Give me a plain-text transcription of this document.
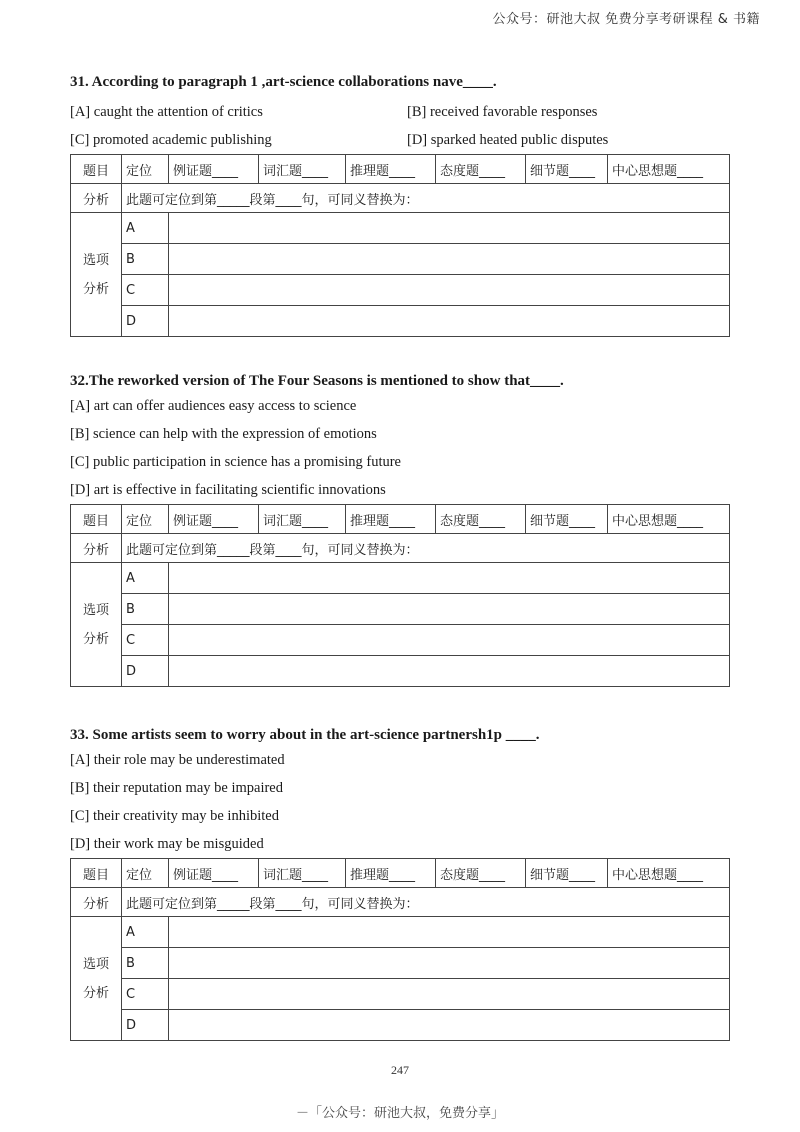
公众号：研池大叔 免费分享考研课程 & 书籍
31. According to paragraph 1 ,art-science collaborations nave____.
[A] caught the attention of critics	[B] received favorable responses
[C] promoted academic publishing	[D] sparked heated public disputes
题目	定位	例证题____	词汇题____	推理题____	态度题____	细节题____	中心思想题____
分析	此题可定位到第_____段第____句，可同义替换为：						
选项
分析	A						
	B						
	C						
	D						
32.The reworked version of The Four Seasons is mentioned to show that____.
[A] art can offer audiences easy access to science
[B] science can help with the expression of emotions
[C] public participation in science has a promising future
[D] art is effective in facilitating scientific innovations
题目	定位	例证题____	词汇题____	推理题____	态度题____	细节题____	中心思想题____
分析	此题可定位到第_____段第____句，可同义替换为：						
选项
分析	A						
	B						
	C						
	D						
33. Some artists seem to worry about in the art-science partnersh1p ____.
[A] their role may be underestimated
[B] their reputation may be impaired
[C] their creativity may be inhibited
[D] their work may be misguided
题目	定位	例证题____	词汇题____	推理题____	态度题____	细节题____	中心思想题____
分析	此题可定位到第_____段第____句，可同义替换为：						
选项
分析	A						
	B						
	C						
	D						
247
－「公众号：研池大叔，免费分享」
